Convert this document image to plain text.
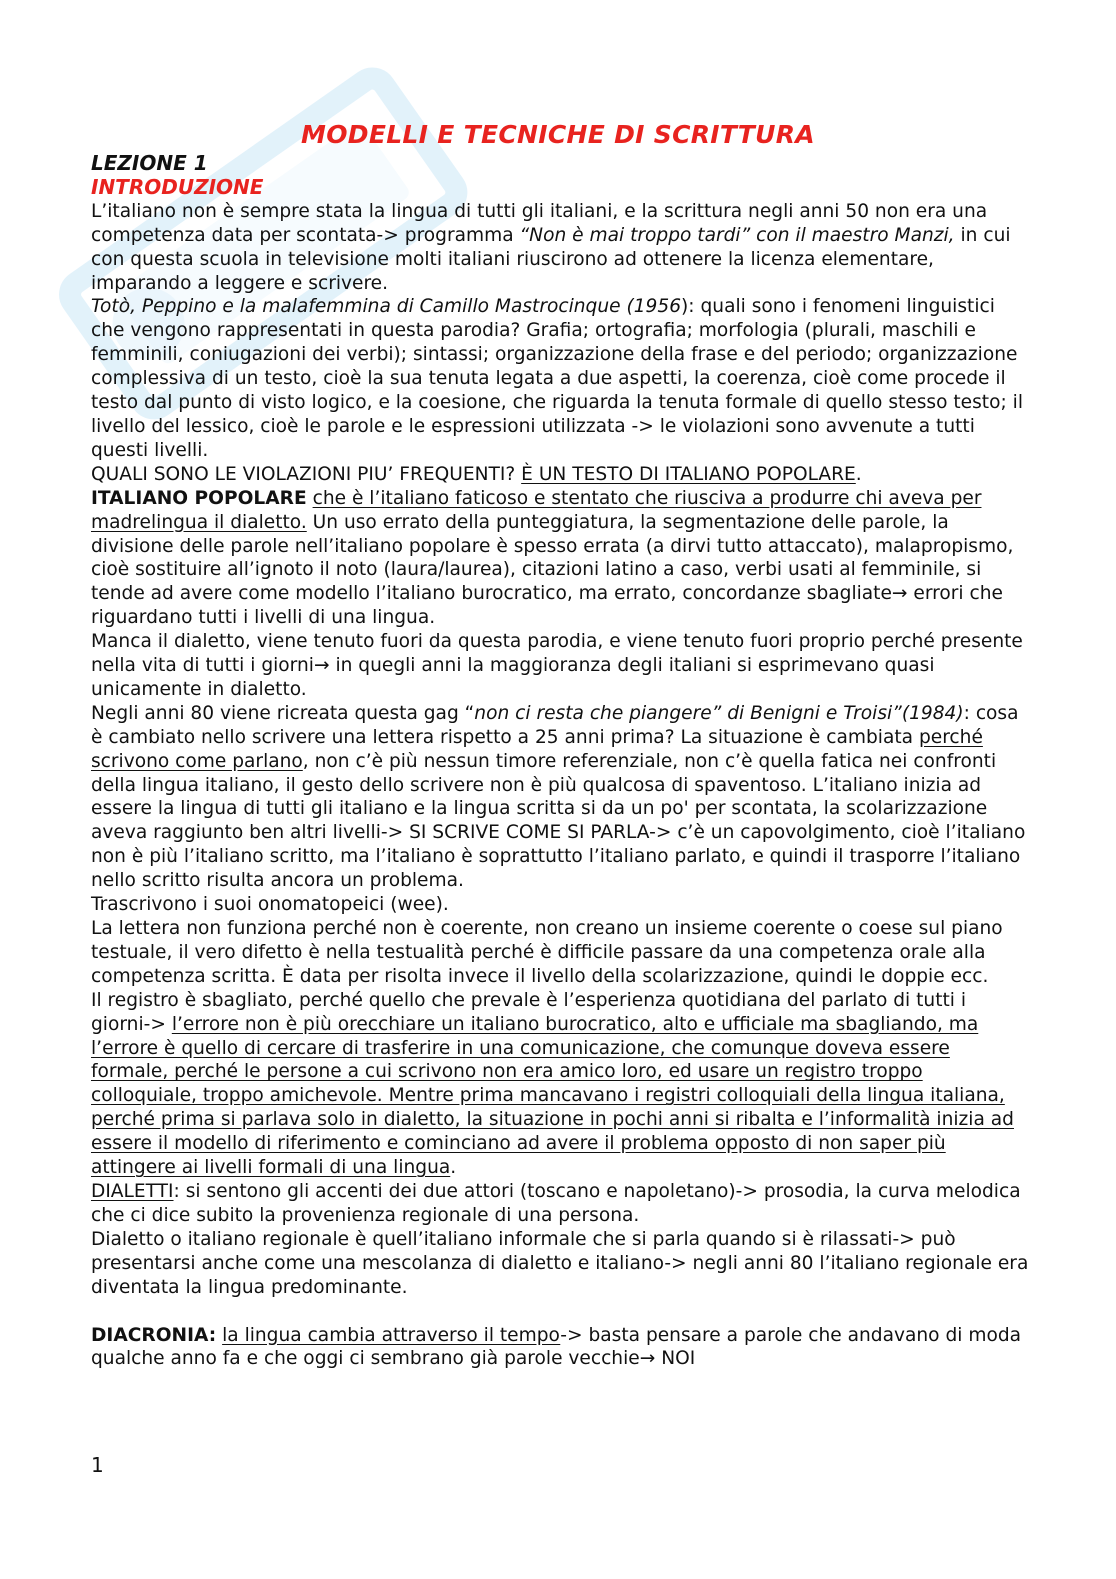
MODELLI E TECNICHE DI SCRITTURA

LEZIONE 1

INTRODUZIONE

L’italiano non è sempre stata la lingua di tutti gli italiani, e la scrittura negli anni 50 non era una competenza data per scontata-> programma “Non è mai troppo tardi” con il maestro Manzi, in cui con questa scuola in televisione molti italiani riuscirono ad ottenere la licenza elementare, imparando a leggere e scrivere.

Totò, Peppino e la malafemmina di Camillo Mastrocinque (1956): quali sono i fenomeni linguistici che vengono rappresentati in questa parodia? Grafia; ortografia; morfologia (plurali, maschili e femminili, coniugazioni dei verbi); sintassi; organizzazione della frase e del periodo; organizzazione complessiva di un testo, cioè la sua tenuta legata a due aspetti, la coerenza, cioè come procede il testo dal punto di visto logico, e la coesione, che riguarda la tenuta formale di quello stesso testo; il livello del lessico, cioè le parole e le espressioni utilizzata -> le violazioni sono avvenute a tutti questi livelli.

QUALI SONO LE VIOLAZIONI PIU’ FREQUENTI? È UN TESTO DI ITALIANO POPOLARE.

ITALIANO POPOLARE che è l’italiano faticoso e stentato che riusciva a produrre chi aveva per madrelingua il dialetto. Un uso errato della punteggiatura, la segmentazione delle parole, la divisione delle parole nell’italiano popolare è spesso errata (a dirvi tutto attaccato), malapropismo, cioè sostituire all’ignoto il noto (laura/laurea), citazioni latino a caso, verbi usati al femminile, si tende ad avere come modello l’italiano burocratico, ma errato, concordanze sbagliate→ errori che riguardano tutti i livelli di una lingua.

Manca il dialetto, viene tenuto fuori da questa parodia, e viene tenuto fuori proprio perché presente nella vita di tutti i giorni→ in quegli anni la maggioranza degli italiani si esprimevano quasi unicamente in dialetto.

Negli anni 80 viene ricreata questa gag “non ci resta che piangere” di Benigni e Troisi”(1984): cosa è cambiato nello scrivere una lettera rispetto a 25 anni prima? La situazione è cambiata perché scrivono come parlano, non c’è più nessun timore referenziale, non c’è quella fatica nei confronti della lingua italiano, il gesto dello scrivere non è più qualcosa di spaventoso. L’italiano inizia ad essere la lingua di tutti gli italiano e la lingua scritta si da un po' per scontata, la scolarizzazione aveva raggiunto ben altri livelli-> SI SCRIVE COME SI PARLA-> c’è un capovolgimento, cioè l’italiano non è più l’italiano scritto, ma l’italiano è soprattutto l’italiano parlato, e quindi il trasporre l’italiano nello scritto risulta ancora un problema.

Trascrivono i suoi onomatopeici (wee).

La lettera non funziona perché non è coerente, non creano un insieme coerente o coese sul piano testuale, il vero difetto è nella testualità perché è difficile passare da una competenza orale alla competenza scritta. È data per risolta invece il livello della scolarizzazione, quindi le doppie ecc.

Il registro è sbagliato, perché quello che prevale è l’esperienza quotidiana del parlato di tutti i giorni-> l’errore non è più orecchiare un italiano burocratico, alto e ufficiale ma sbagliando, ma l’errore è quello di cercare di trasferire in una comunicazione, che comunque doveva essere formale, perché le persone a cui scrivono non era amico loro, ed usare un registro troppo colloquiale, troppo amichevole. Mentre prima mancavano i registri colloquiali della lingua italiana, perché prima si parlava solo in dialetto, la situazione in pochi anni si ribalta e l’informalità inizia ad essere il modello di riferimento e cominciano ad avere il problema opposto di non saper più attingere ai livelli formali di una lingua.

DIALETTI: si sentono gli accenti dei due attori (toscano e napoletano)-> prosodia, la curva melodica che ci dice subito la provenienza regionale di una persona.

Dialetto o italiano regionale è quell’italiano informale che si parla quando si è rilassati-> può presentarsi anche come una mescolanza di dialetto e italiano-> negli anni 80 l’italiano regionale era diventata la lingua predominante.

DIACRONIA: la lingua cambia attraverso il tempo-> basta pensare a parole che andavano di moda qualche anno fa e che oggi ci sembrano già parole vecchie→ NOI

1
